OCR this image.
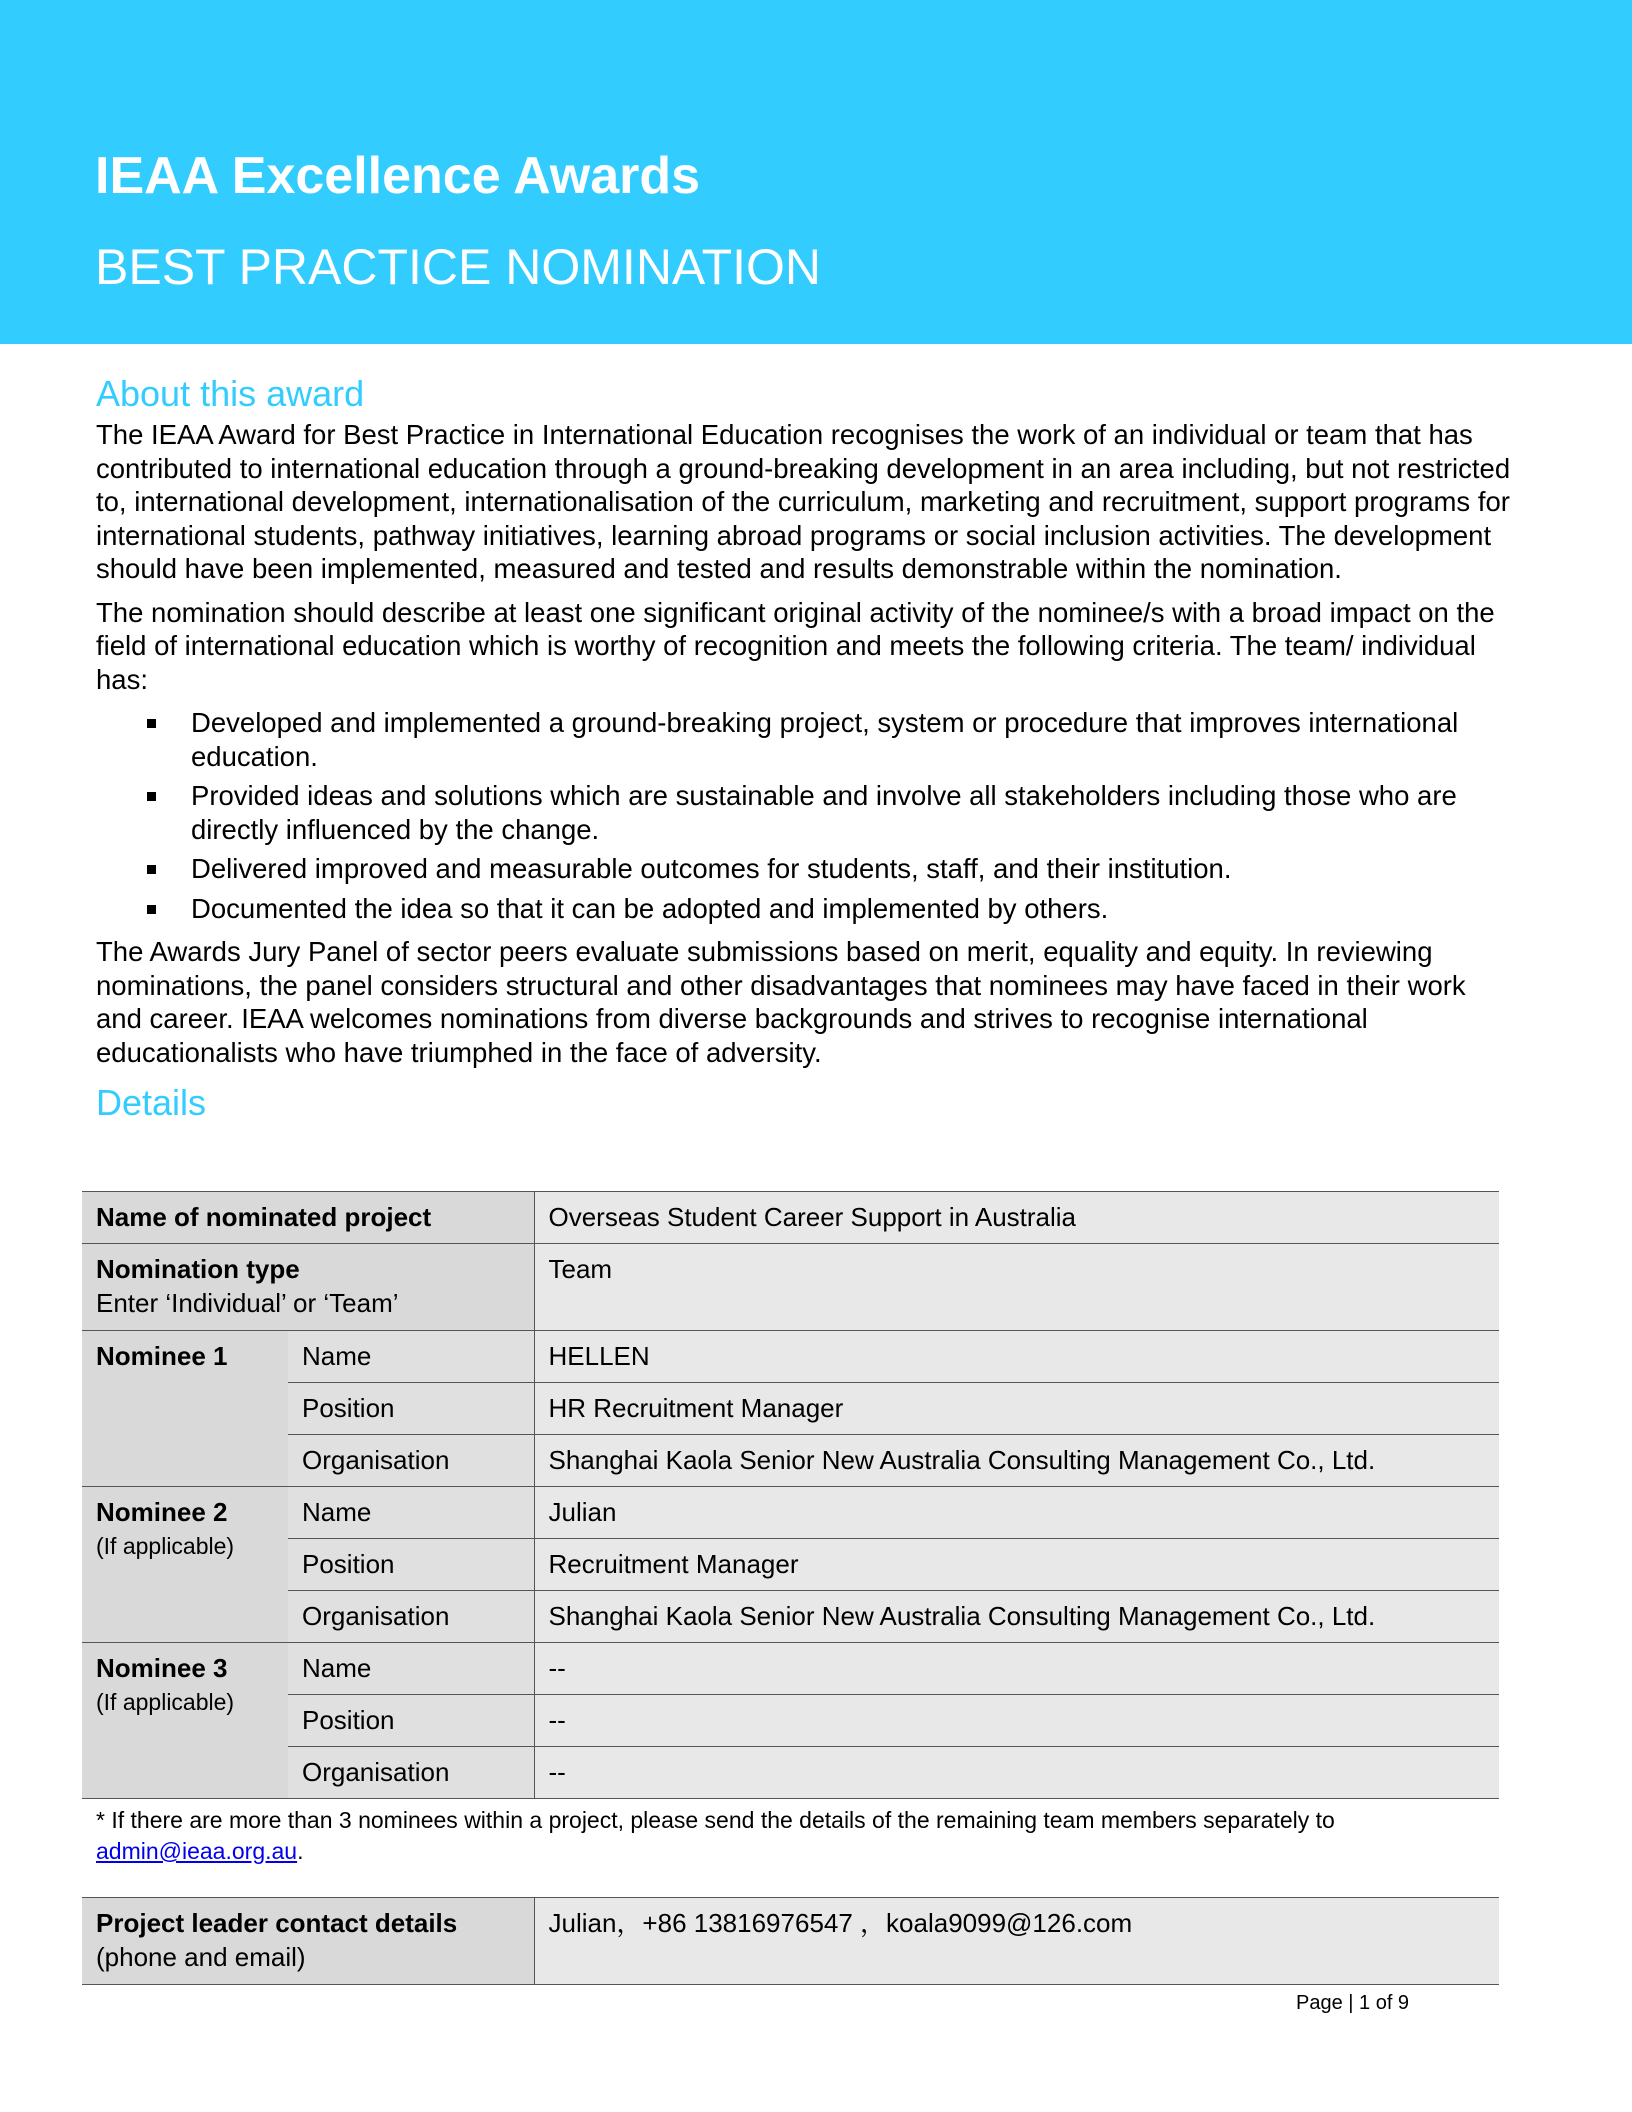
IEAA Excellence Awards
BEST PRACTICE NOMINATION
About this award

The IEAA Award for Best Practice in International Education recognises the work of an individual or team that has contributed to international education through a ground-breaking development in an area including, but not restricted to, international development, internationalisation of the curriculum, marketing and recruitment, support programs for international students, pathway initiatives, learning abroad programs or social inclusion activities. The development should have been implemented, measured and tested and results demonstrable within the nomination.

The nomination should describe at least one significant original activity of the nominee/s with a broad impact on the field of international education which is worthy of recognition and meets the following criteria. The team/ individual has:

Developed and implemented a ground-breaking project, system or procedure that improves international education.
Provided ideas and solutions which are sustainable and involve all stakeholders including those who are directly influenced by the change.
Delivered improved and measurable outcomes for students, staff, and their institution.
Documented the idea so that it can be adopted and implemented by others.

The Awards Jury Panel of sector peers evaluate submissions based on merit, equality and equity. In reviewing nominations, the panel considers structural and other disadvantages that nominees may have faced in their work and career. IEAA welcomes nominations from diverse backgrounds and strives to recognise international educationalists who have triumphed in the face of adversity.

Details
Name of nominated project		Overseas Student Career Support in Australia

Nomination type
Enter ‘Individual’ or ‘Team’		Team

Nominee 1	Name	HELLEN
	Position	HR Recruitment Manager
	Organisation	Shanghai Kaola Senior New Australia Consulting Management Co., Ltd.

Nominee 2
(If applicable)	Name	Julian
	Position	Recruitment Manager
	Organisation	Shanghai Kaola Senior New Australia Consulting Management Co., Ltd.

Nominee 3
(If applicable)	Name	--
	Position	--
	Organisation	--
* If there are more than 3 nominees within a project, please send the details of the remaining team members separately to admin@ieaa.org.au.
Project leader contact details
(phone and email)
	Julian，+86 13816976547 ，koala9099@126.com
Page | 1 of 9
